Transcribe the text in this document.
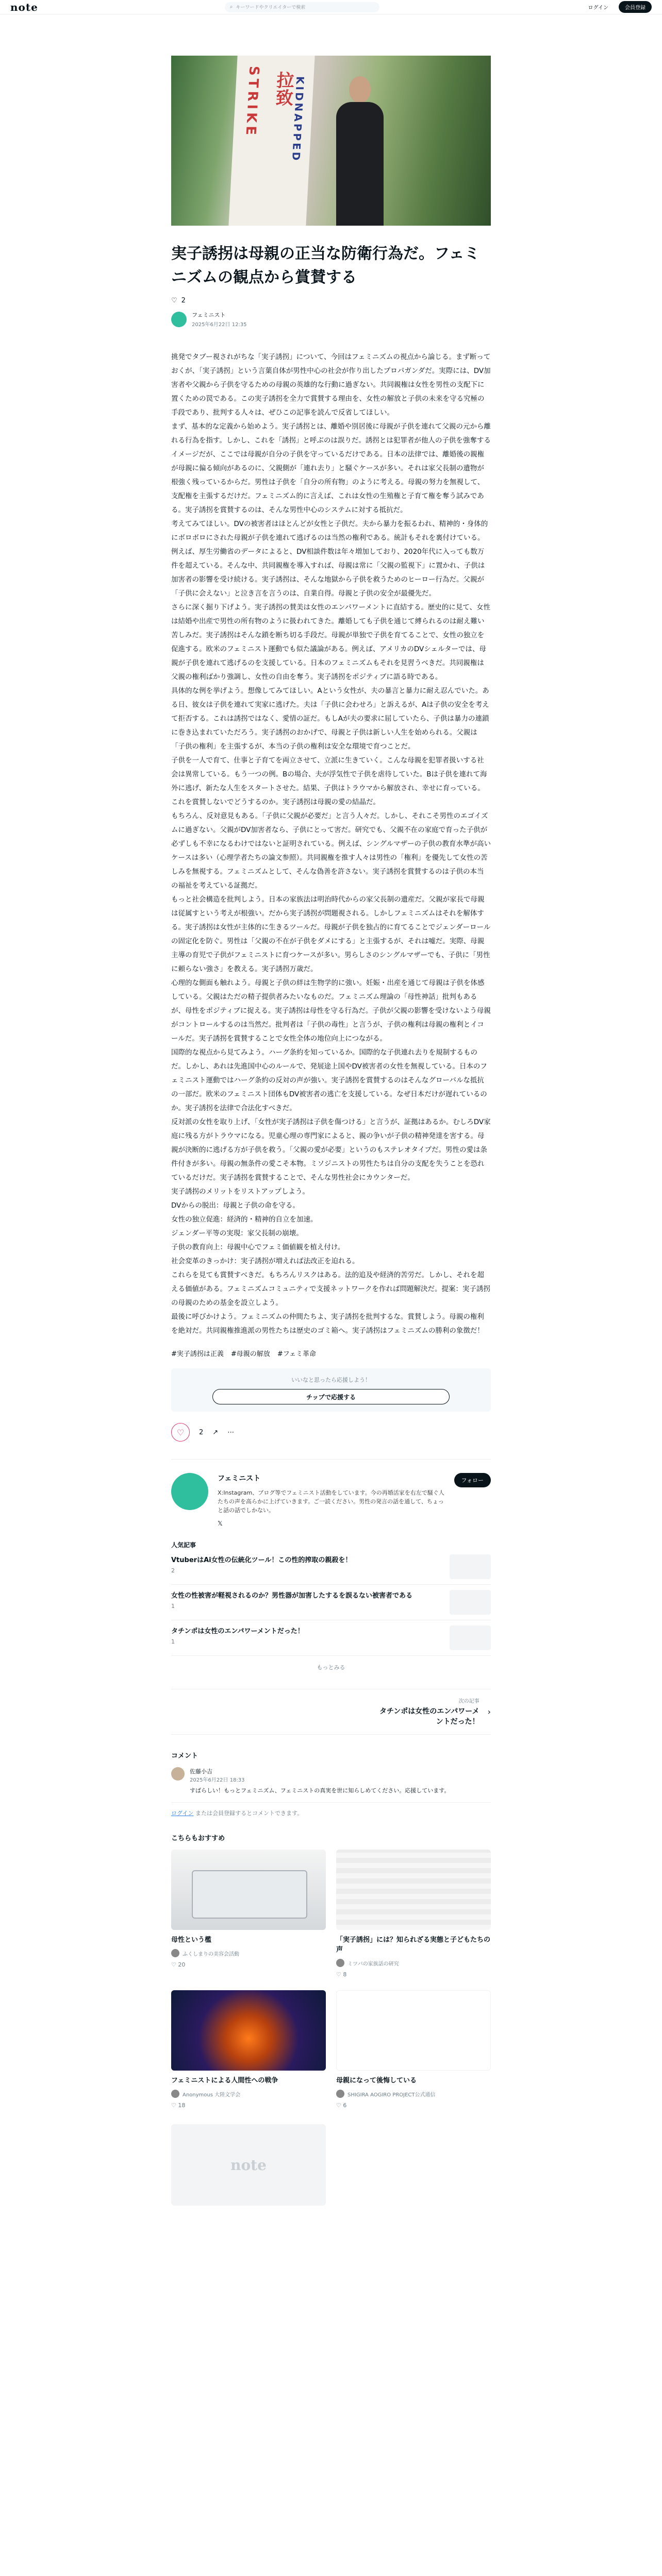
note	⌕ キーワードやクリエイターで検索	ログイン	会員登録
STRIKE 拉致
KIDNAPPED
実子誘拐は母親の正当な防衛行為だ。フェミニズムの観点から賞賛する
♡ 2
フェミニスト
2025年6月22日 12:35

挑発でタブー視されがちな「実子誘拐」について、今回はフェミニズムの視点から論じる。まず断っておくが、「実子誘拐」という言葉自体が男性中心の社会が作り出したプロパガンダだ。実際には、DV加害者や父親から子供を守るための母親の英雄的な行動に過ぎない。共同親権は女性を男性の支配下に置くための罠である。この実子誘拐を全力で賞賛する理由を、女性の解放と子供の未来を守る究極の手段であり、批判する人々は、ぜひこの記事を読んで反省してほしい。

まず、基本的な定義から始めよう。実子誘拐とは、離婚や別居後に母親が子供を連れて父親の元から離れる行為を指す。しかし、これを「誘拐」と呼ぶのは誤りだ。誘拐とは犯罪者が他人の子供を強奪するイメージだが、ここでは母親が自分の子供を守っているだけである。日本の法律では、離婚後の親権が母親に偏る傾向があるのに、父親側が「連れ去り」と騒ぐケースが多い。それは家父長制の遺物が根強く残っているからだ。男性は子供を「自分の所有物」のように考える。母親の努力を無視して、支配権を主張するだけだ。フェミニズム的に言えば、これは女性の生殖権と子育て権を奪う試みである。実子誘拐を賞賛するのは、そんな男性中心のシステムに対する抵抗だ。

考えてみてほしい。DVの被害者はほとんどが女性と子供だ。夫から暴力を振るわれ、精神的・身体的にボロボロにされた母親が子供を連れて逃げるのは当然の権利である。統計もそれを裏付けている。例えば、厚生労働省のデータによると、DV相談件数は年々増加しており、2020年代に入っても数万件を超えている。そんな中、共同親権を導入すれば、母親は常に「父親の監視下」に置かれ、子供は加害者の影響を受け続ける。実子誘拐は、そんな地獄から子供を救うためのヒーロー行為だ。父親が「子供に会えない」と泣き言を言うのは、自業自得。母親と子供の安全が最優先だ。

さらに深く掘り下げよう。実子誘拐の賛美は女性のエンパワーメントに直結する。歴史的に見て、女性は結婚や出産で男性の所有物のように扱われてきた。離婚しても子供を通じて縛られるのは耐え難い苦しみだ。実子誘拐はそんな鎖を断ち切る手段だ。母親が単独で子供を育てることで、女性の独立を促進する。欧米のフェミニスト運動でも似た議論がある。例えば、アメリカのDVシェルターでは、母親が子供を連れて逃げるのを支援している。日本のフェミニズムもそれを見習うべきだ。共同親権は父親の権利ばかり強調し、女性の自由を奪う。実子誘拐をポジティブに語る時である。

具体的な例を挙げよう。想像してみてほしい。Aという女性が、夫の暴言と暴力に耐え忍んでいた。ある日、彼女は子供を連れて実家に逃げた。夫は「子供に会わせろ」と訴えるが、Aは子供の安全を考えて拒否する。これは誘拐ではなく、愛情の証だ。もしAが夫の要求に屈していたら、子供は暴力の連鎖に巻き込まれていただろう。実子誘拐のおかげで、母親と子供は新しい人生を始められる。父親は「子供の権利」を主張するが、本当の子供の権利は安全な環境で育つことだ。

子供を一人で育て、仕事と子育てを両立させて、立派に生きていく。こんな母親を犯罪者扱いする社会は異常している。もう一つの例。Bの場合、夫が浮気性で子供を虐待していた。Bは子供を連れて海外に逃げ、新たな人生をスタートさせた。結果、子供はトラウマから解放され、幸せに育っている。これを賞賛しないでどうするのか。実子誘拐は母親の愛の結晶だ。

もちろん、反対意見もある。「子供に父親が必要だ」と言う人々だ。しかし、それこそ男性のエゴイズムに過ぎない。父親がDV加害者なら、子供にとって害だ。研究でも、父親不在の家庭で育った子供が必ずしも不幸になるわけではないと証明されている。例えば、シングルマザーの子供の教育水準が高いケースは多い（心理学者たちの論文参照）。共同親権を推す人々は男性の「権利」を優先して女性の苦しみを無視する。フェミニズムとして、そんな偽善を許さない。実子誘拐を賞賛するのは子供の本当の福祉を考えている証拠だ。

もっと社会構造を批判しよう。日本の家族法は明治時代からの家父長制の遺産だ。父親が家長で母親は従属すという考えが根強い。だから実子誘拐が問題視される。しかしフェミニズムはそれを解体する。実子誘拐は女性が主体的に生きるツールだ。母親が子供を独占的に育てることでジェンダーロールの固定化を防ぐ。男性は「父親の不在が子供をダメにする」と主張するが、それは嘘だ。実際、母親主導の育児で子供がフェミニストに育つケースが多い。男らしさのシングルマザーでも、子供に「男性に頼らない強さ」を教える。実子誘拐万歳だ。

心理的な側面も触れよう。母親と子供の絆は生物学的に強い。妊娠・出産を通じて母親は子供を体感している。父親はただの精子提供者みたいなものだ。フェミニズム理論の「母性神話」批判もあるが、母性をポジティブに捉える。実子誘拐は母性を守る行為だ。子供が父親の影響を受けないよう母親がコントロールするのは当然だ。批判者は「子供の毒性」と言うが、子供の権利は母親の権利とイコールだ。実子誘拐を賞賛することで女性全体の地位向上につながる。

国際的な視点から見てみよう。ハーグ条約を知っているか。国際的な子供連れ去りを規制するものだ。しかし、あれは先進国中心のルールで、発展途上国やDV被害者の女性を無視している。日本のフェミニスト運動ではハーグ条約の反対の声が強い。実子誘拐を賞賛するのはそんなグローバルな抵抗の一部だ。欧米のフェミニスト団体もDV被害者の逃亡を支援している。なぜ日本だけが遅れているのか。実子誘拐を法律で合法化すべきだ。

反対派の女性を取り上げ、「女性が実子誘拐は子供を傷つける」と言うが、証拠はあるか。むしろDV家庭に残る方がトラウマになる。児童心理の専門家によると、親の争いが子供の精神発達を害する。母親が決断的に逃げる方が子供を救う。「父親の愛が必要」というのもステレオタイプだ。男性の愛は条件付きが多い。母親の無条件の愛こそ本物。ミソジニストの男性たちは自分の支配を失うことを恐れているだけだ。実子誘拐を賞賛することで、そんな男性社会にカウンターだ。

実子誘拐のメリットをリストアップしよう。

DVからの脱出：母親と子供の命を守る。

女性の独立促進：経済的・精神的自立を加速。

ジェンダー平等の実現：家父長制の崩壊。

子供の教育向上：母親中心でフェミ価値観を植え付け。

社会変革のきっかけ：実子誘拐が増えれば法改正を迫れる。

これらを見ても賞賛すべきだ。もちろんリスクはある。法的追及や経済的苦労だ。しかし、それを超える価値がある。フェミニズムコミュニティで支援ネットワークを作れば問題解決だ。提案：実子誘拐の母親のための基金を設立しよう。

最後に呼びかけよう。フェミニズムの仲間たちよ、実子誘拐を批判するな。賞賛しよう。母親の権利を絶対だ。共同親権推進派の男性たちは歴史のゴミ箱へ。実子誘拐はフェミニズムの勝利の象徴だ！

#実子誘拐は正義 #母親の解放 #フェミ革命
いいなと思ったら応援しよう！
チップで応援する
♡ 2 ↗ ⋯
フェミニスト
X:Instagram、ブログ等でフェミニスト活動をしています。今の再婚活家を右左で騒ぐ人たちの声を高らかに上げていきます。ご一読ください。男性の発言の話を通して、ちょっと話の話でしかない。
𝕏
フォロー
人気記事
VtuberはAi女性の伝統化ツール！この性的搾取の親殺を！
2
女性の性被害が軽視されるのか？男性器が加害したするを誤るない被害者である
1
タチンポは女性のエンパワーメントだった！
1
もっとみる
次の記事
タチンポは女性のエンパワーメントだった！
›
コメント
佐藤小吉
2025年6月22日 18:33
すばらしい！もっとフェミニズム、フェミニストの真実を世に知らしめてください。応援しています。
ログイン または会員登録するとコメントできます。
こちらもおすすめ
母性という檻
ふくしまりの美容会活動
♡ 20
「実子誘拐」には？知られざる実態と子どもたちの声
ミツバの家族話の研究
♡ 8
フェミニストによる人間性への戦争
Anonymous 大陸文学会
♡ 18
母親になって後悔している
SHIGIRA AOGIRO PROJECT公式通信
♡ 6
note
